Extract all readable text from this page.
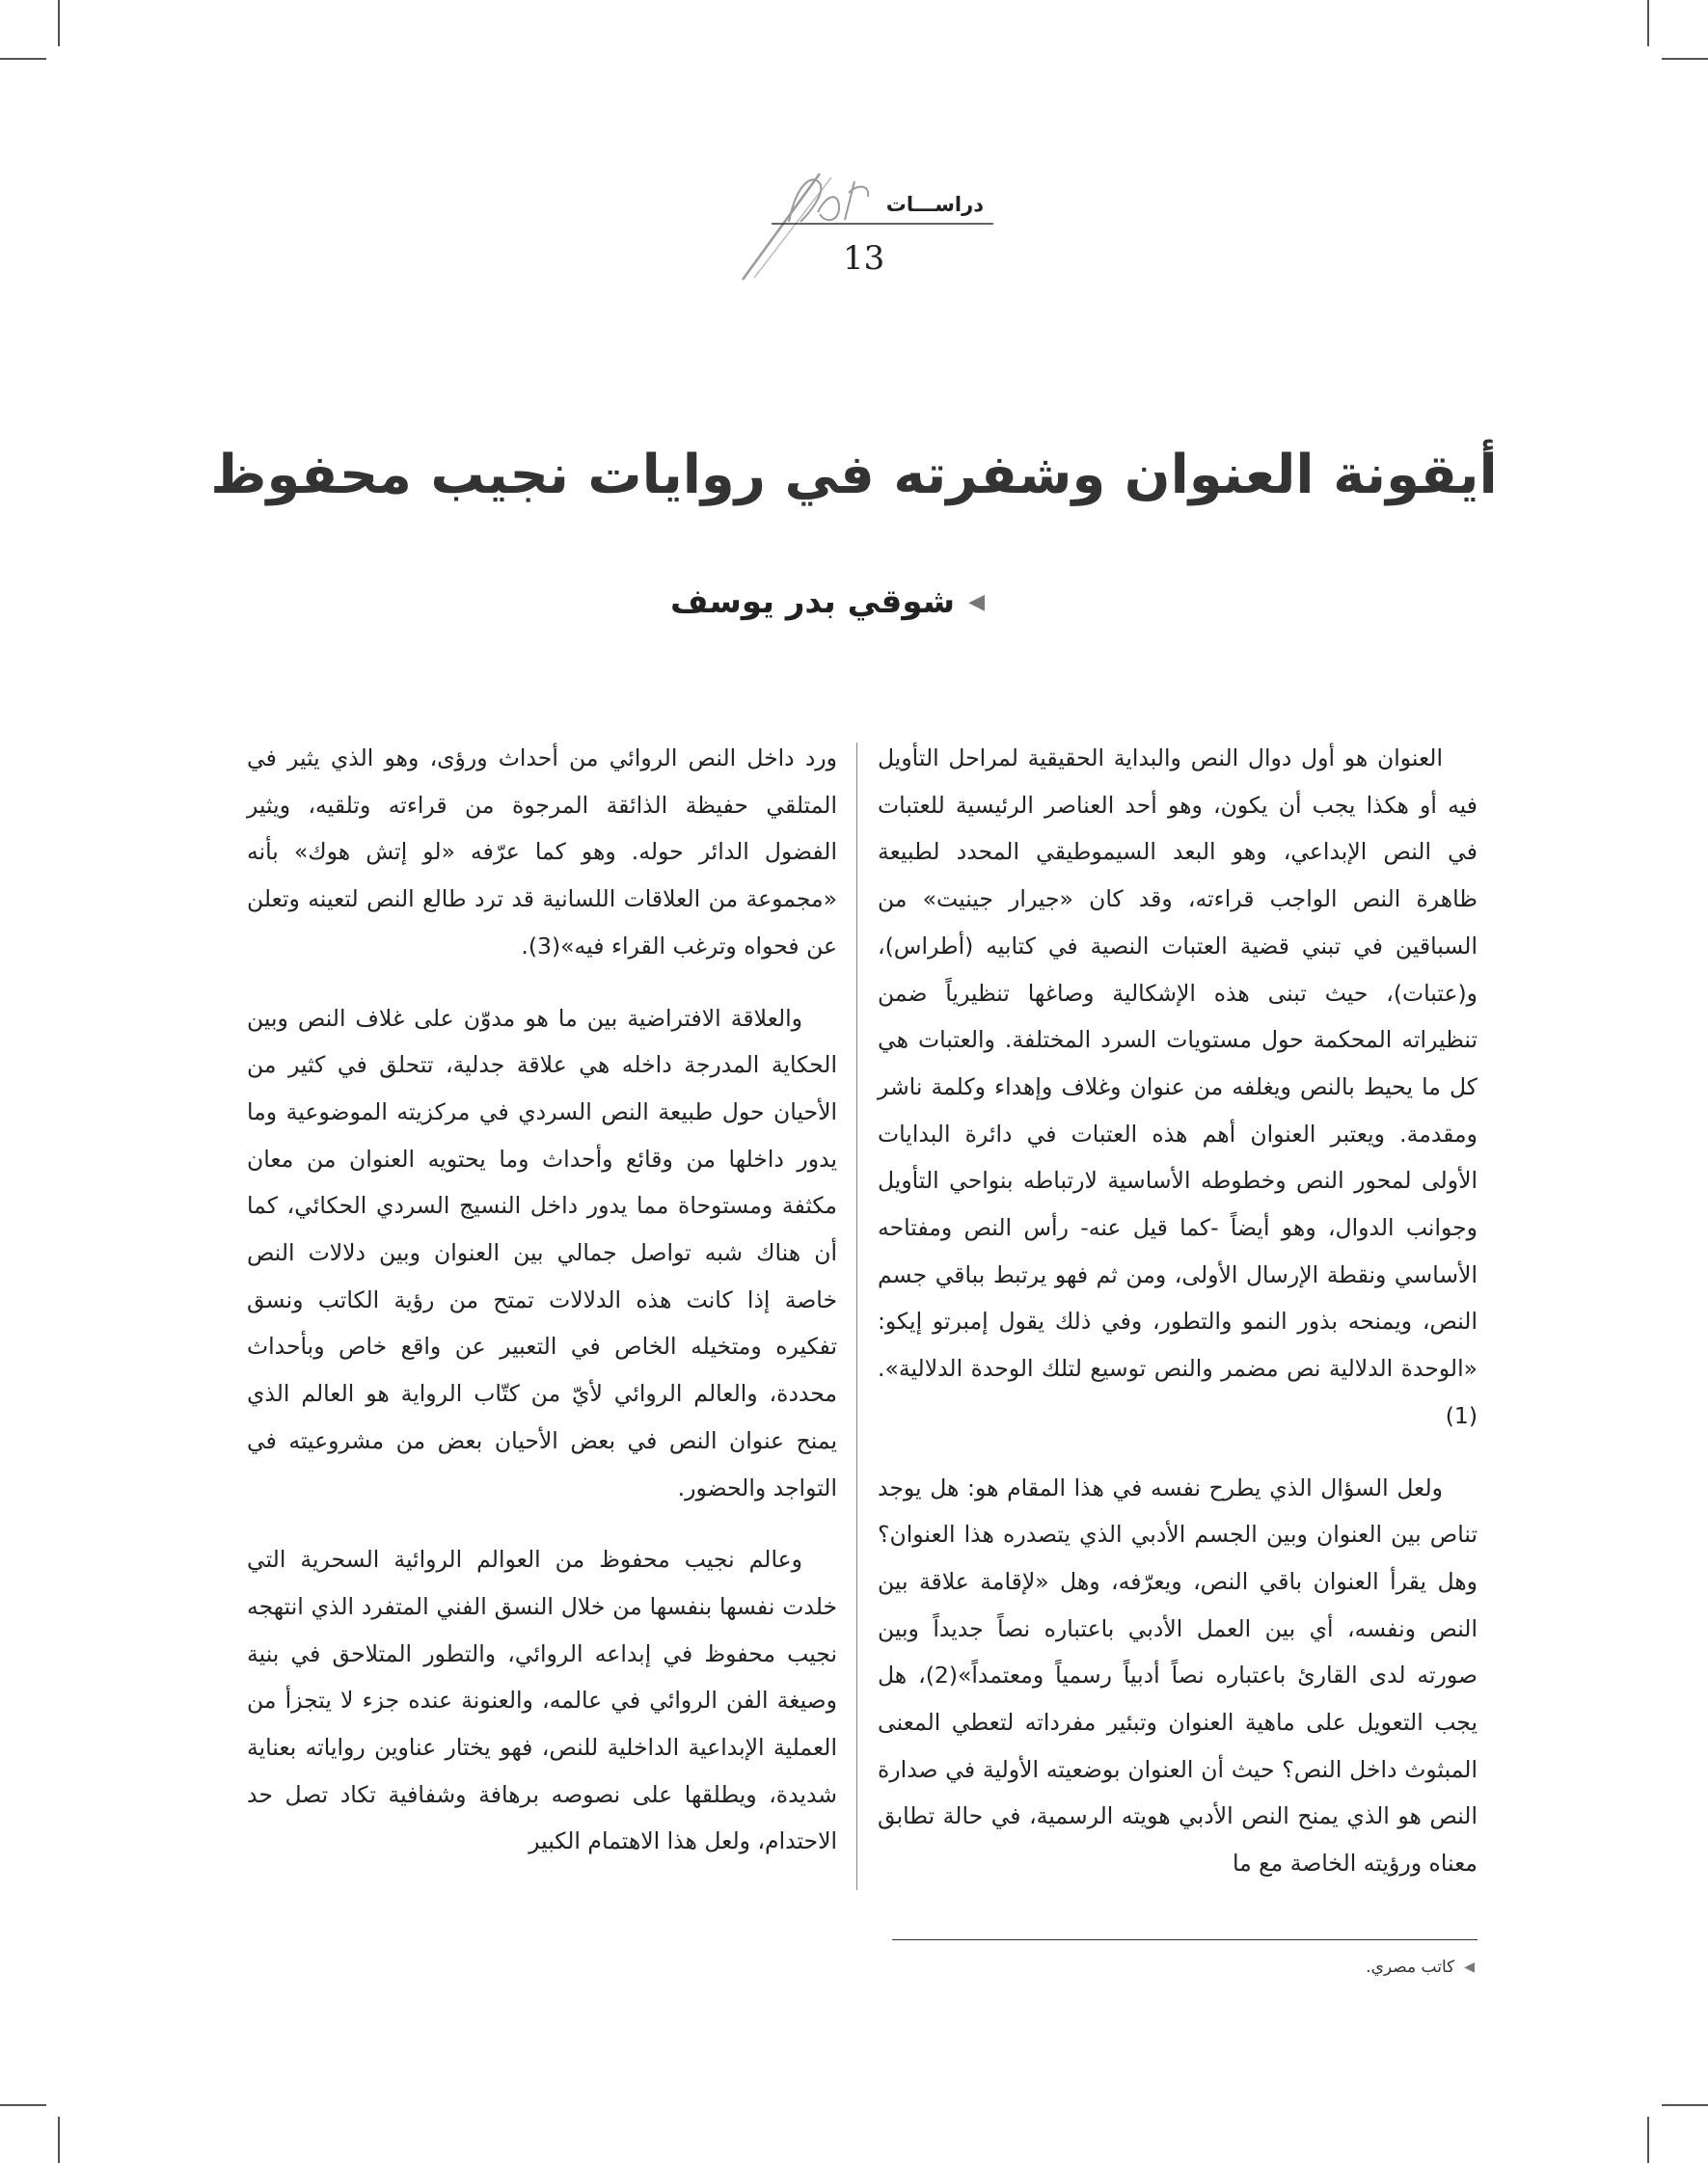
دراســـات
13
أيقونة العنوان وشفرته في روايات نجيب محفوظ
◀
شوقي بدر يوسف

العنوان هو أول دوال النص والبداية الحقيقية لمراحل التأويل فيه أو هكذا يجب أن يكون، وهو أحد العناصر الرئيسية للعتبات في النص الإبداعي، وهو البعد السيموطيقي المحدد لطبيعة ظاهرة النص الواجب قراءته، وقد كان «جيرار جينيت» من السباقين في تبني قضية العتبات النصية في كتابيه (أطراس)، و(عتبات)، حيث تبنى هذه الإشكالية وصاغها تنظيرياً ضمن تنظيراته المحكمة حول مستويات السرد المختلفة. والعتبات هي كل ما يحيط بالنص ويغلفه من عنوان وغلاف وإهداء وكلمة ناشر ومقدمة. ويعتبر العنوان أهم هذه العتبات في دائرة البدايات الأولى لمحور النص وخطوطه الأساسية لارتباطه بنواحي التأويل وجوانب الدوال، وهو أيضاً -كما قيل عنه- رأس النص ومفتاحه الأساسي ونقطة الإرسال الأولى، ومن ثم فهو يرتبط بباقي جسم النص، ويمنحه بذور النمو والتطور، وفي ذلك يقول إمبرتو إيكو: «الوحدة الدلالية نص مضمر والنص توسيع لتلك الوحدة الدلالية».(1)

ولعل السؤال الذي يطرح نفسه في هذا المقام هو: هل يوجد تناص بين العنوان وبين الجسم الأدبي الذي يتصدره هذا العنوان؟ وهل يقرأ العنوان باقي النص، ويعرّفه، وهل «لإقامة علاقة بين النص ونفسه، أي بين العمل الأدبي باعتباره نصاً جديداً وبين صورته لدى القارئ باعتباره نصاً أدبياً رسمياً ومعتمداً»(2)، هل يجب التعويل على ماهية العنوان وتبئير مفرداته لتعطي المعنى المبثوث داخل النص؟ حيث أن العنوان بوضعيته الأولية في صدارة النص هو الذي يمنح النص الأدبي هويته الرسمية، في حالة تطابق معناه ورؤيته الخاصة مع ما

ورد داخل النص الروائي من أحداث ورؤى، وهو الذي يثير في المتلقي حفيظة الذائقة المرجوة من قراءته وتلقيه، ويثير الفضول الدائر حوله. وهو كما عرّفه «لو إتش هوك» بأنه «مجموعة من العلاقات اللسانية قد ترد طالع النص لتعينه وتعلن عن فحواه وترغب القراء فيه»(3).

والعلاقة الافتراضية بين ما هو مدوّن على غلاف النص وبين الحكاية المدرجة داخله هي علاقة جدلية، تتحلق في كثير من الأحيان حول طبيعة النص السردي في مركزيته الموضوعية وما يدور داخلها من وقائع وأحداث وما يحتويه العنوان من معان مكثفة ومستوحاة مما يدور داخل النسيج السردي الحكائي، كما أن هناك شبه تواصل جمالي بين العنوان وبين دلالات النص خاصة إذا كانت هذه الدلالات تمتح من رؤية الكاتب ونسق تفكيره ومتخيله الخاص في التعبير عن واقع خاص وبأحداث محددة، والعالم الروائي لأيّ من كتّاب الرواية هو العالم الذي يمنح عنوان النص في بعض الأحيان بعض من مشروعيته في التواجد والحضور.

وعالم نجيب محفوظ من العوالم الروائية السحرية التي خلدت نفسها بنفسها من خلال النسق الفني المتفرد الذي انتهجه نجيب محفوظ في إبداعه الروائي، والتطور المتلاحق في بنية وصيغة الفن الروائي في عالمه، والعنونة عنده جزء لا يتجزأ من العملية الإبداعية الداخلية للنص، فهو يختار عناوين رواياته بعناية شديدة، ويطلقها على نصوصه برهافة وشفافية تكاد تصل حد الاحتدام، ولعل هذا الاهتمام الكبير

◀
كاتب مصري.
